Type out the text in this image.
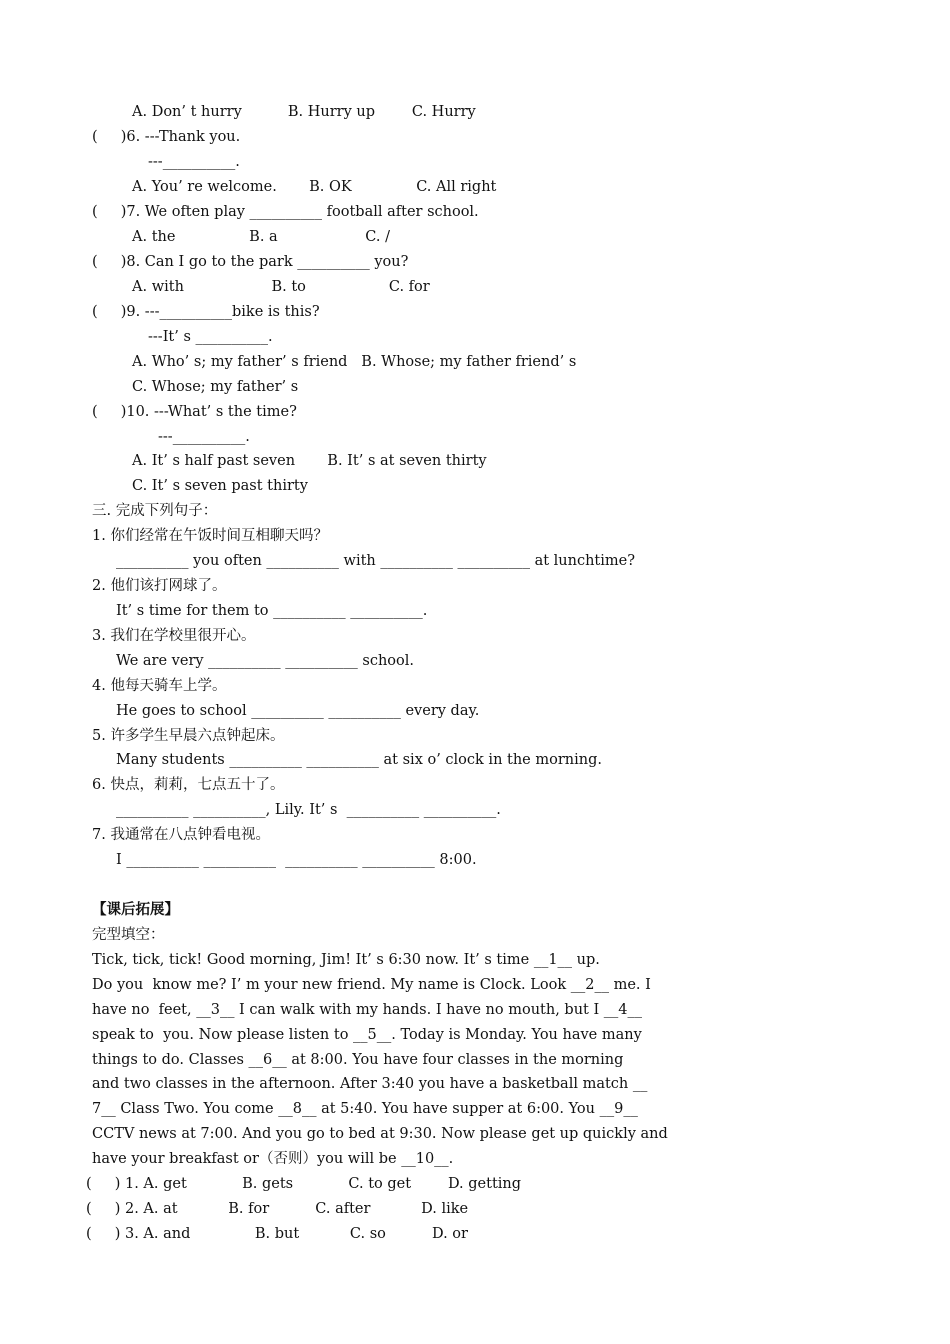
A. Don’ t hurry          B. Hurry up        C. Hurry
(     )6. ---Thank you.
---__________.
A. You’ re welcome.       B. OK              C. All right
(     )7. We often play __________ football after school.
A. the                B. a                   C. /
(     )8. Can I go to the park __________ you?
A. with                   B. to                  C. for
(     )9. ---__________bike is this?
---It’ s __________.
A. Who’ s; my father’ s friend   B. Whose; my father friend’ s
C. Whose; my father’ s
(     )10. ---What’ s the time?
---__________.
A. It’ s half past seven       B. It’ s at seven thirty
C. It’ s seven past thirty
三. 完成下列句子：
1. 你们经常在午饭时间互相聊天吗？
__________ you often __________ with __________ __________ at lunchtime?
2. 他们该打网球了。
It’ s time for them to __________ __________.
3. 我们在学校里很开心。
We are very __________ __________ school.
4. 他每天骑车上学。
He goes to school __________ __________ every day.
5. 许多学生早晨六点钟起床。
Many students __________ __________ at six o’ clock in the morning.
6. 快点，莉莉，七点五十了。
__________ __________, Lily. It’ s  __________ __________.
7. 我通常在八点钟看电视。
I __________ __________  __________ __________ 8:00.
【课后拓展】
完型填空：
Tick, tick, tick! Good morning, Jim! It’ s 6:30 now. It’ s time __1__ up.
Do you  know me? I’ m your new friend. My name is Clock. Look __2__ me. I
have no  feet, __3__ I can walk with my hands. I have no mouth, but I __4__
speak to  you. Now please listen to __5__. Today is Monday. You have many
things to do. Classes __6__ at 8:00. You have four classes in the morning
and two classes in the afternoon. After 3:40 you have a basketball match __
7__ Class Two. You come __8__ at 5:40. You have supper at 6:00. You __9__
CCTV news at 7:00. And you go to bed at 9:30. Now please get up quickly and
have your breakfast or（否则）you will be __10__.
(     ) 1. A. get            B. gets            C. to get        D. getting
(     ) 2. A. at           B. for          C. after           D. like
(     ) 3. A. and              B. but           C. so          D. or
